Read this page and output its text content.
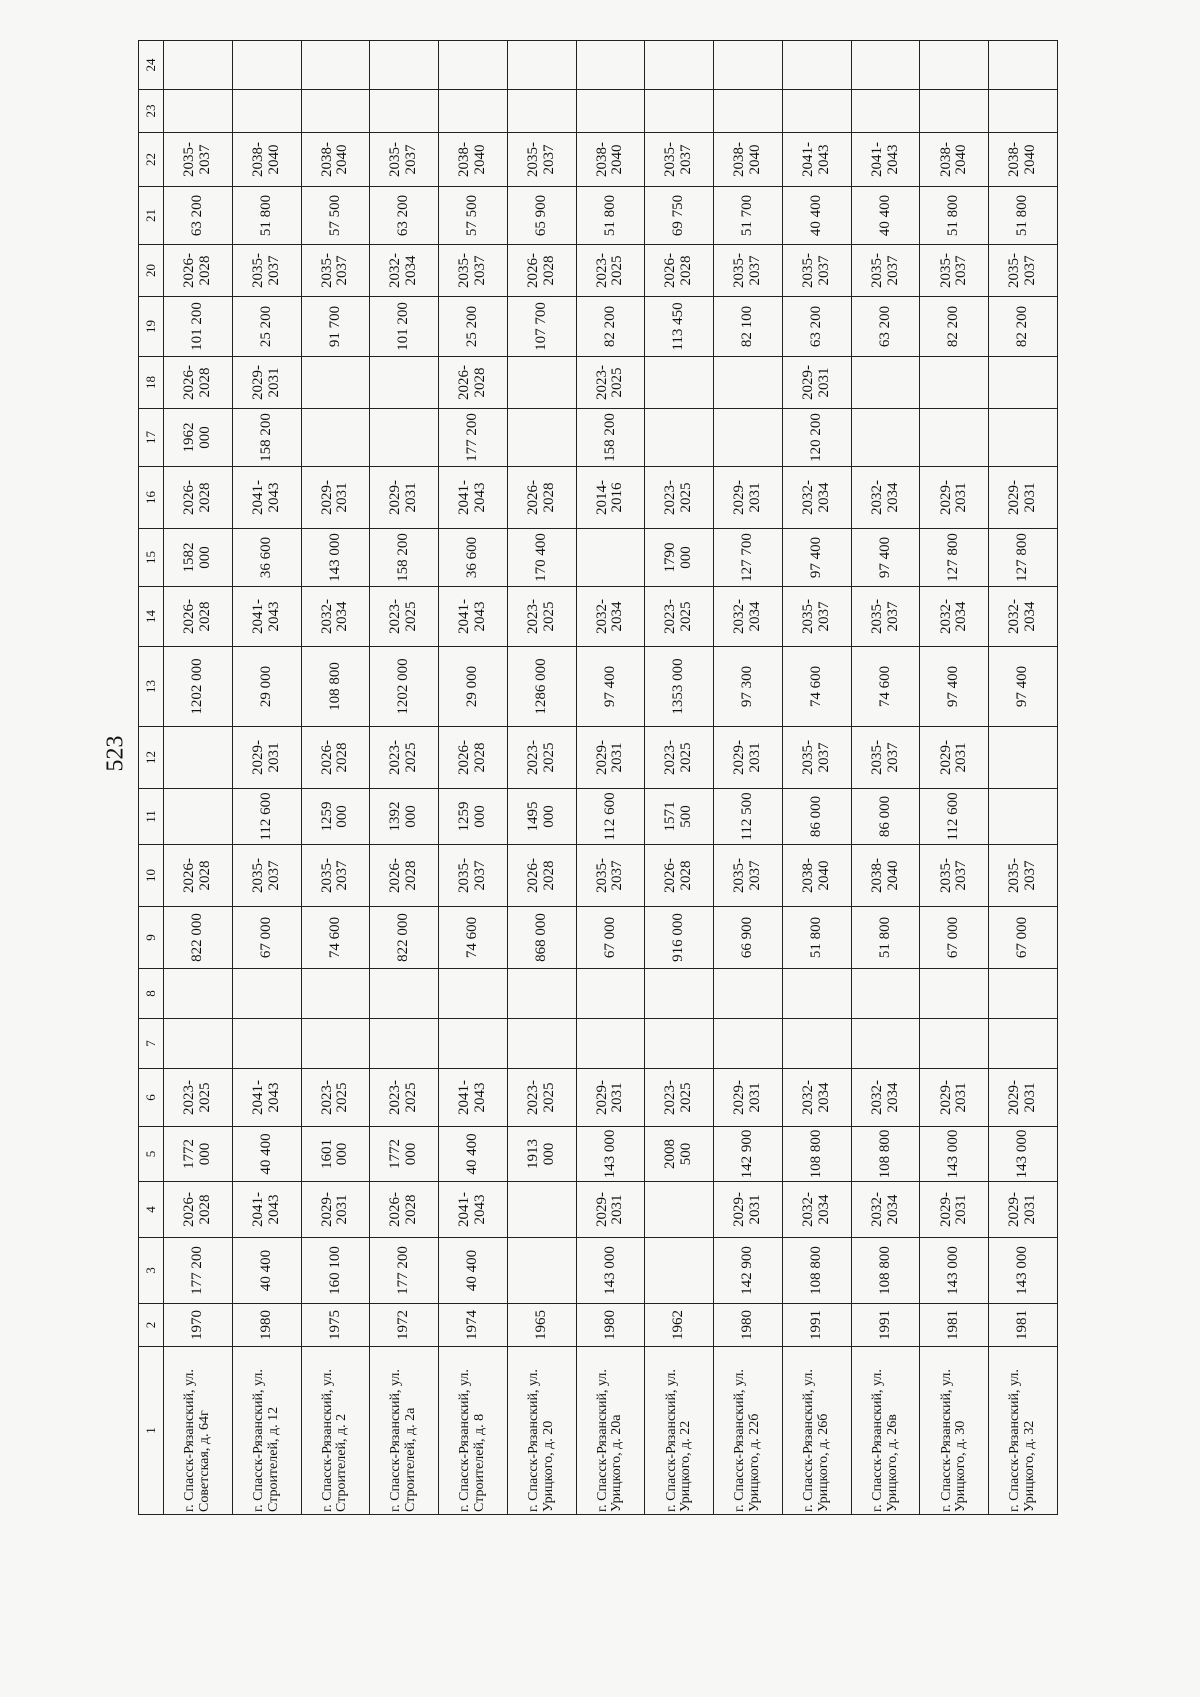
523
1	2	3	4	5	6	7	8	9	10	11	12	13	14	15	16	17	18	19	20	21	22	23	24
г. Спасск-Рязанский, ул. Советская, д. 64г	1970	177 200	2026-2028	1772 000	2023-2025			822 000	2026-2028			1202 000	2026-2028	1582 000	2026-2028	1962 000	2026-2028	101 200	2026-2028	63 200	2035-2037		
г. Спасск-Рязанский, ул. Строителей, д. 12	1980	40 400	2041-2043	40 400	2041-2043			67 000	2035-2037	112 600	2029-2031	29 000	2041-2043	36 600	2041-2043	158 200	2029-2031	25 200	2035-2037	51 800	2038-2040		
г. Спасск-Рязанский, ул. Строителей, д. 2	1975	160 100	2029-2031	1601 000	2023-2025			74 600	2035-2037	1259 000	2026-2028	108 800	2032-2034	143 000	2029-2031			91 700	2035-2037	57 500	2038-2040		
г. Спасск-Рязанский, ул. Строителей, д. 2а	1972	177 200	2026-2028	1772 000	2023-2025			822 000	2026-2028	1392 000	2023-2025	1202 000	2023-2025	158 200	2029-2031			101 200	2032-2034	63 200	2035-2037		
г. Спасск-Рязанский, ул. Строителей, д. 8	1974	40 400	2041-2043	40 400	2041-2043			74 600	2035-2037	1259 000	2026-2028	29 000	2041-2043	36 600	2041-2043	177 200	2026-2028	25 200	2035-2037	57 500	2038-2040		
г. Спасск-Рязанский, ул. Урицкого, д. 20	1965			1913 000	2023-2025			868 000	2026-2028	1495 000	2023-2025	1286 000	2023-2025	170 400	2026-2028			107 700	2026-2028	65 900	2035-2037		
г. Спасск-Рязанский, ул. Урицкого, д. 20а	1980	143 000	2029-2031	143 000	2029-2031			67 000	2035-2037	112 600	2029-2031	97 400	2032-2034		2014-2016	158 200	2023-2025	82 200	2023-2025	51 800	2038-2040		
г. Спасск-Рязанский, ул. Урицкого, д. 22	1962			2008 500	2023-2025			916 000	2026-2028	1571 500	2023-2025	1353 000	2023-2025	1790 000	2023-2025			113 450	2026-2028	69 750	2035-2037		
г. Спасск-Рязанский, ул. Урицкого, д. 22б	1980	142 900	2029-2031	142 900	2029-2031			66 900	2035-2037	112 500	2029-2031	97 300	2032-2034	127 700	2029-2031			82 100	2035-2037	51 700	2038-2040		
г. Спасск-Рязанский, ул. Урицкого, д. 26б	1991	108 800	2032-2034	108 800	2032-2034			51 800	2038-2040	86 000	2035-2037	74 600	2035-2037	97 400	2032-2034	120 200	2029-2031	63 200	2035-2037	40 400	2041-2043		
г. Спасск-Рязанский, ул. Урицкого, д. 26в	1991	108 800	2032-2034	108 800	2032-2034			51 800	2038-2040	86 000	2035-2037	74 600	2035-2037	97 400	2032-2034			63 200	2035-2037	40 400	2041-2043		
г. Спасск-Рязанский, ул. Урицкого, д. 30	1981	143 000	2029-2031	143 000	2029-2031			67 000	2035-2037	112 600	2029-2031	97 400	2032-2034	127 800	2029-2031			82 200	2035-2037	51 800	2038-2040		
г. Спасск-Рязанский, ул. Урицкого, д. 32	1981	143 000	2029-2031	143 000	2029-2031			67 000	2035-2037			97 400	2032-2034	127 800	2029-2031			82 200	2035-2037	51 800	2038-2040		
